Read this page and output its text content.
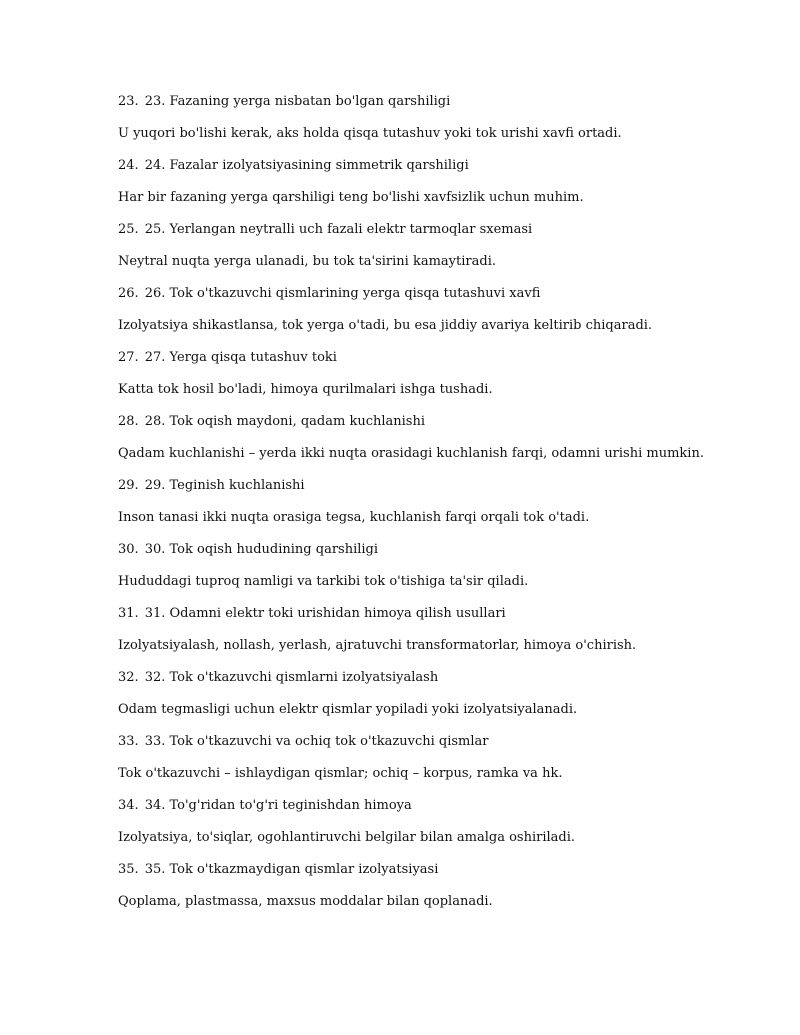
23. 23. Fazaning yerga nisbatan bo'lgan qarshiligi
U yuqori bo'lishi kerak, aks holda qisqa tutashuv yoki tok urishi xavfi ortadi.
24. 24. Fazalar izolyatsiyasining simmetrik qarshiligi
Har bir fazaning yerga qarshiligi teng bo'lishi xavfsizlik uchun muhim.
25. 25. Yerlangan neytralli uch fazali elektr tarmoqlar sxemasi
Neytral nuqta yerga ulanadi, bu tok ta'sirini kamaytiradi.
26. 26. Tok o'tkazuvchi qismlarining yerga qisqa tutashuvi xavfi
Izolyatsiya shikastlansa, tok yerga o'tadi, bu esa jiddiy avariya keltirib chiqaradi.
27. 27. Yerga qisqa tutashuv toki
Katta tok hosil bo'ladi, himoya qurilmalari ishga tushadi.
28. 28. Tok oqish maydoni, qadam kuchlanishi
Qadam kuchlanishi – yerda ikki nuqta orasidagi kuchlanish farqi, odamni urishi mumkin.
29. 29. Teginish kuchlanishi
Inson tanasi ikki nuqta orasiga tegsa, kuchlanish farqi orqali tok o'tadi.
30. 30. Tok oqish hududining qarshiligi
Hududdagi tuproq namligi va tarkibi tok o'tishiga ta'sir qiladi.
31. 31. Odamni elektr toki urishidan himoya qilish usullari
Izolyatsiyalash, nollash, yerlash, ajratuvchi transformatorlar, himoya o'chirish.
32. 32. Tok o'tkazuvchi qismlarni izolyatsiyalash
Odam tegmasligi uchun elektr qismlar yopiladi yoki izolyatsiyalanadi.
33. 33. Tok o'tkazuvchi va ochiq tok o'tkazuvchi qismlar
Tok o'tkazuvchi – ishlaydigan qismlar; ochiq – korpus, ramka va hk.
34. 34. To'g'ridan to'g'ri teginishdan himoya
Izolyatsiya, to'siqlar, ogohlantiruvchi belgilar bilan amalga oshiriladi.
35. 35. Tok o'tkazmaydigan qismlar izolyatsiyasi
Qoplama, plastmassa, maxsus moddalar bilan qoplanadi.
